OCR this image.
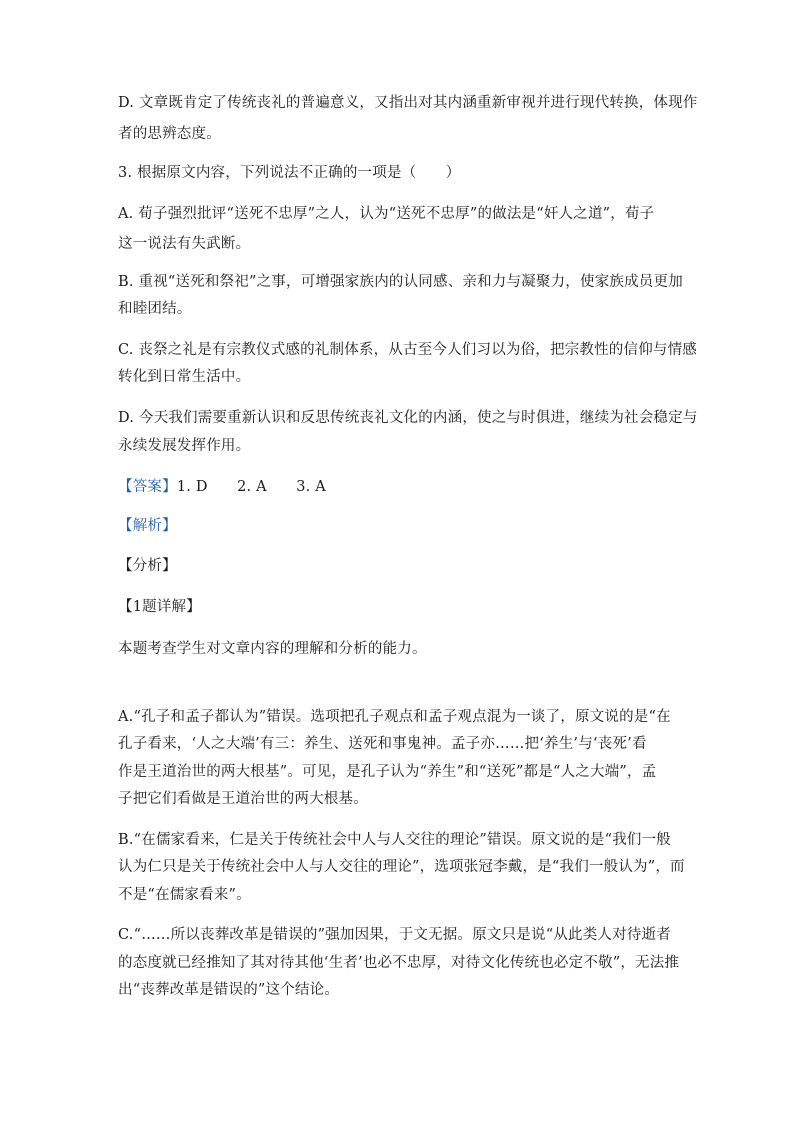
D. 文章既肯定了传统丧礼的普遍意义，又指出对其内涵重新审视并进行现代转换，体现作
者的思辨态度。
3. 根据原文内容，下列说法不正确的一项是（　　）
A. 荀子强烈批评“送死不忠厚”之人，认为“送死不忠厚”的做法是“奸人之道”，荀子
这一说法有失武断。
B. 重视“送死和祭祀”之事，可增强家族内的认同感、亲和力与凝聚力，使家族成员更加
和睦团结。
C. 丧祭之礼是有宗教仪式感的礼制体系，从古至今人们习以为俗，把宗教性的信仰与情感
转化到日常生活中。
D. 今天我们需要重新认识和反思传统丧礼文化的内涵，使之与时俱进，继续为社会稳定与
永续发展发挥作用。
【答案】1. D　　2. A　　3. A
【解析】
【分析】
【1题详解】
本题考查学生对文章内容的理解和分析的能力。
A.“孔子和孟子都认为”错误。选项把孔子观点和孟子观点混为一谈了，原文说的是“在
孔子看来，‘人之大端’有三：养生、送死和事鬼神。孟子亦……把‘养生’与‘丧死’看
作是王道治世的两大根基”。可见，是孔子认为“养生”和“送死”都是“人之大端”，孟
子把它们看做是王道治世的两大根基。
B.“在儒家看来，仁是关于传统社会中人与人交往的理论”错误。原文说的是“我们一般
认为仁只是关于传统社会中人与人交往的理论”，选项张冠李戴，是“我们一般认为”，而
不是“在儒家看来”。
C.“……所以丧葬改革是错误的”强加因果，于文无据。原文只是说“从此类人对待逝者
的态度就已经推知了其对待其他‘生者’也必不忠厚，对待文化传统也必定不敬”，无法推
出“丧葬改革是错误的”这个结论。
